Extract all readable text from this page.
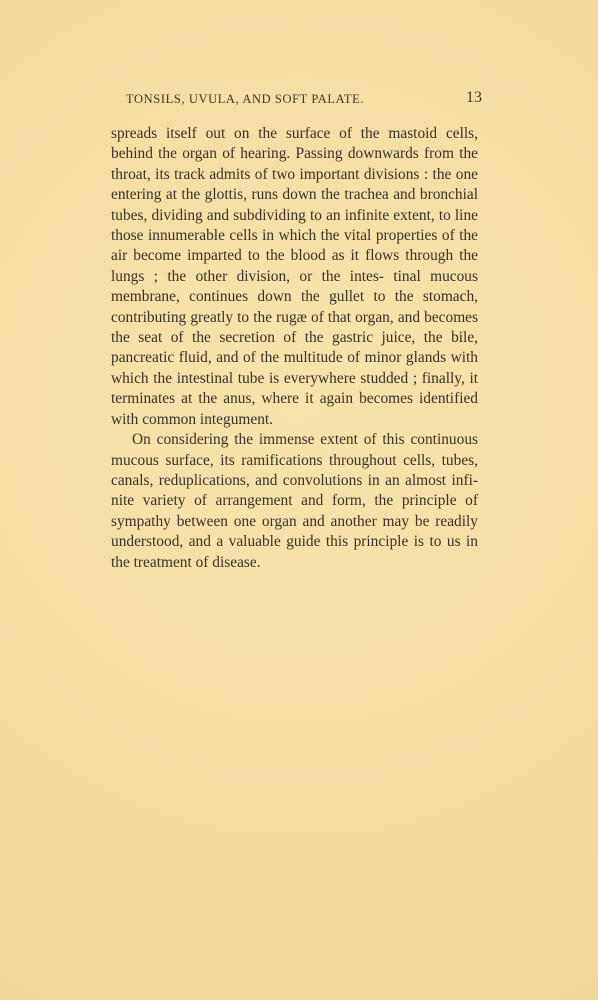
TONSILS, UVULA, AND SOFT PALATE.	13

spreads itself out on the surface of the mastoid cells, behind the organ of hearing. Passing downwards from the throat, its track admits of two important divisions : the one entering at the glottis, runs down the trachea and bronchial tubes, dividing and subdividing to an infinite extent, to line those innumerable cells in which the vital properties of the air become imparted to the blood as it flows through the lungs ; the other division, or the intes- tinal mucous membrane, continues down the gullet to the stomach, contributing greatly to the rugæ of that organ, and becomes the seat of the secretion of the gastric juice, the bile, pancreatic fluid, and of the multitude of minor glands with which the intestinal tube is everywhere studded ; finally, it terminates at the anus, where it again becomes identified with common integument.

On considering the immense extent of this continuous mucous surface, its ramifications throughout cells, tubes, canals, reduplications, and convolutions in an almost infi- nite variety of arrangement and form, the principle of sympathy between one organ and another may be readily understood, and a valuable guide this principle is to us in the treatment of disease.
